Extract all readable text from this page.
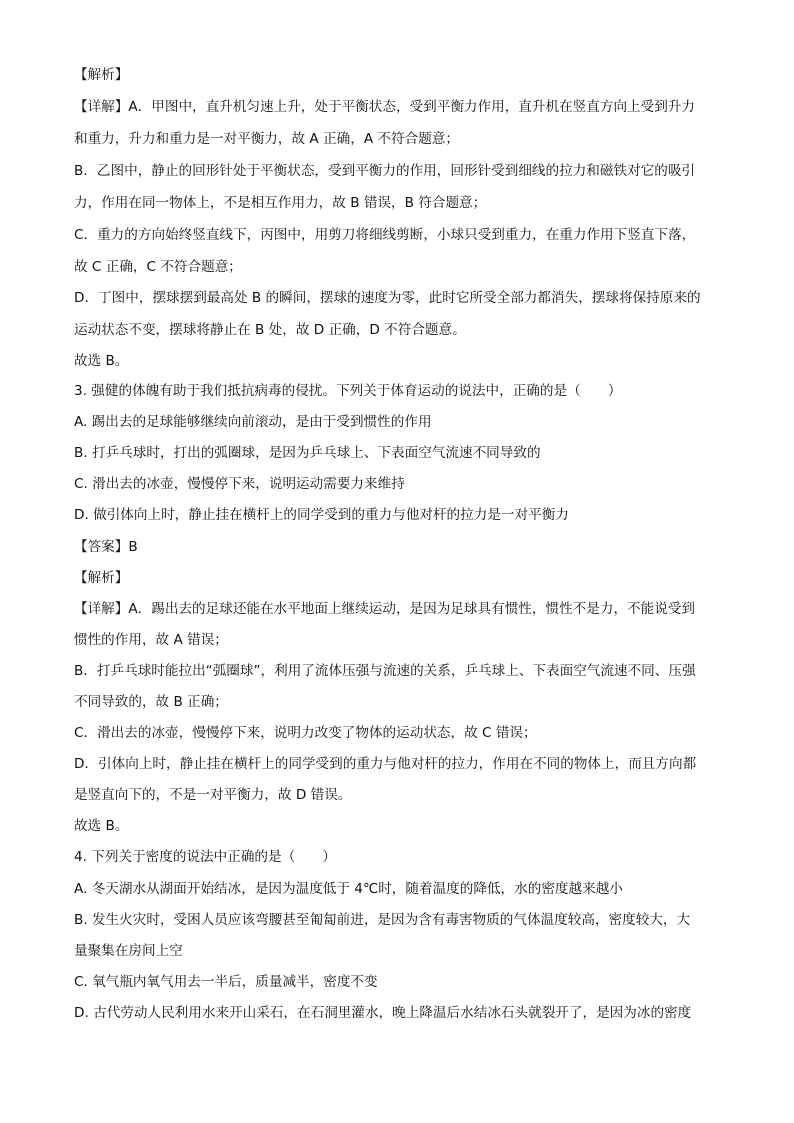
【解析】
【详解】A．甲图中，直升机匀速上升，处于平衡状态，受到平衡力作用，直升机在竖直方向上受到升力
和重力，升力和重力是一对平衡力，故 A 正确，A 不符合题意；
B．乙图中，静止的回形针处于平衡状态，受到平衡力的作用，回形针受到细线的拉力和磁铁对它的吸引
力，作用在同一物体上，不是相互作用力，故 B 错误，B 符合题意；
C．重力的方向始终竖直线下，丙图中，用剪刀将细线剪断，小球只受到重力，在重力作用下竖直下落，
故 C 正确，C 不符合题意；
D．丁图中，摆球摆到最高处 B 的瞬间，摆球的速度为零，此时它所受全部力都消失，摆球将保持原来的
运动状态不变，摆球将静止在 B 处，故 D 正确，D 不符合题意。
故选 B。
3. 强健的体魄有助于我们抵抗病毒的侵扰。下列关于体育运动的说法中，正确的是（　　）
A. 踢出去的足球能够继续向前滚动，是由于受到惯性的作用
B. 打乒乓球时，打出的弧圈球，是因为乒乓球上、下表面空气流速不同导致的
C. 滑出去的冰壶，慢慢停下来，说明运动需要力来维持
D. 做引体向上时，静止挂在横杆上的同学受到的重力与他对杆的拉力是一对平衡力
【答案】B
【解析】
【详解】A．踢出去的足球还能在水平地面上继续运动，是因为足球具有惯性，惯性不是力，不能说受到
惯性的作用，故 A 错误；
B．打乒乓球时能拉出“弧圈球”，利用了流体压强与流速的关系，乒乓球上、下表面空气流速不同、压强
不同导致的，故 B 正确；
C．滑出去的冰壶，慢慢停下来，说明力改变了物体的运动状态，故 C 错误；
D．引体向上时，静止挂在横杆上的同学受到的重力与他对杆的拉力，作用在不同的物体上，而且方向都
是竖直向下的，不是一对平衡力，故 D 错误。
故选 B。
4. 下列关于密度的说法中正确的是（　　）
A. 冬天湖水从湖面开始结冰，是因为温度低于 4℃时，随着温度的降低，水的密度越来越小
B. 发生火灾时，受困人员应该弯腰甚至匍匐前进，是因为含有毒害物质的气体温度较高，密度较大，大
量聚集在房间上空
C. 氧气瓶内氧气用去一半后，质量减半，密度不变
D. 古代劳动人民利用水来开山采石，在石洞里灌水，晚上降温后水结冰石头就裂开了，是因为冰的密度
